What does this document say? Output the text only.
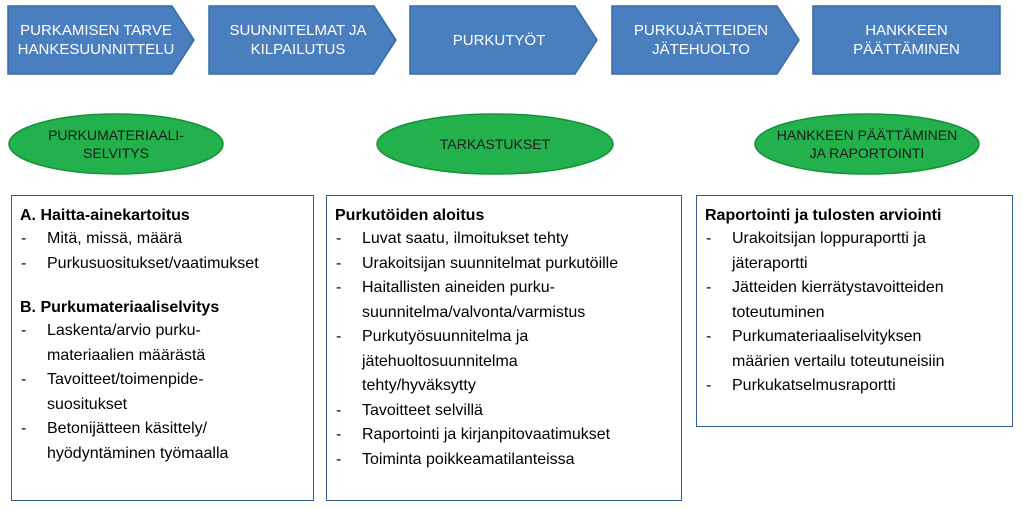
PURKAMISEN TARVE
HANKESUUNNITTELU
SUUNNITELMAT JA
KILPAILUTUS
PURKUTYÖT
PURKUJÄTTEIDEN
JÄTEHUOLTO
HANKKEEN
PÄÄTTÄMINEN
PURKUMATERIAALI-
SELVITYS
TARKASTUKSET
HANKKEEN PÄÄTTÄMINEN
JA RAPORTOINTI
A. Haitta-ainekartoitus
- Mitä, missä, määrä
- Purkusuositukset/vaatimukset
B. Purkumateriaaliselvitys
- Laskenta/arvio purku-
materiaalien määrästä
- Tavoitteet/toimenpide-
suositukset
- Betonijätteen käsittely/
hyödyntäminen työmaalla
Purkutöiden aloitus
- Luvat saatu, ilmoitukset tehty
- Urakoitsijan suunnitelmat purkutöille
- Haitallisten aineiden purku-
suunnitelma/valvonta/varmistus
- Purkutyösuunnitelma ja
jätehuoltosuunnitelma
tehty/hyväksytty
- Tavoitteet selvillä
- Raportointi ja kirjanpitovaatimukset
- Toiminta poikkeamatilanteissa
Raportointi ja tulosten arviointi
- Urakoitsijan loppuraportti ja
jäteraportti
- Jätteiden kierrätystavoitteiden
toteutuminen
- Purkumateriaaliselvityksen
määrien vertailu toteutuneisiin
- Purkukatselmusraportti
